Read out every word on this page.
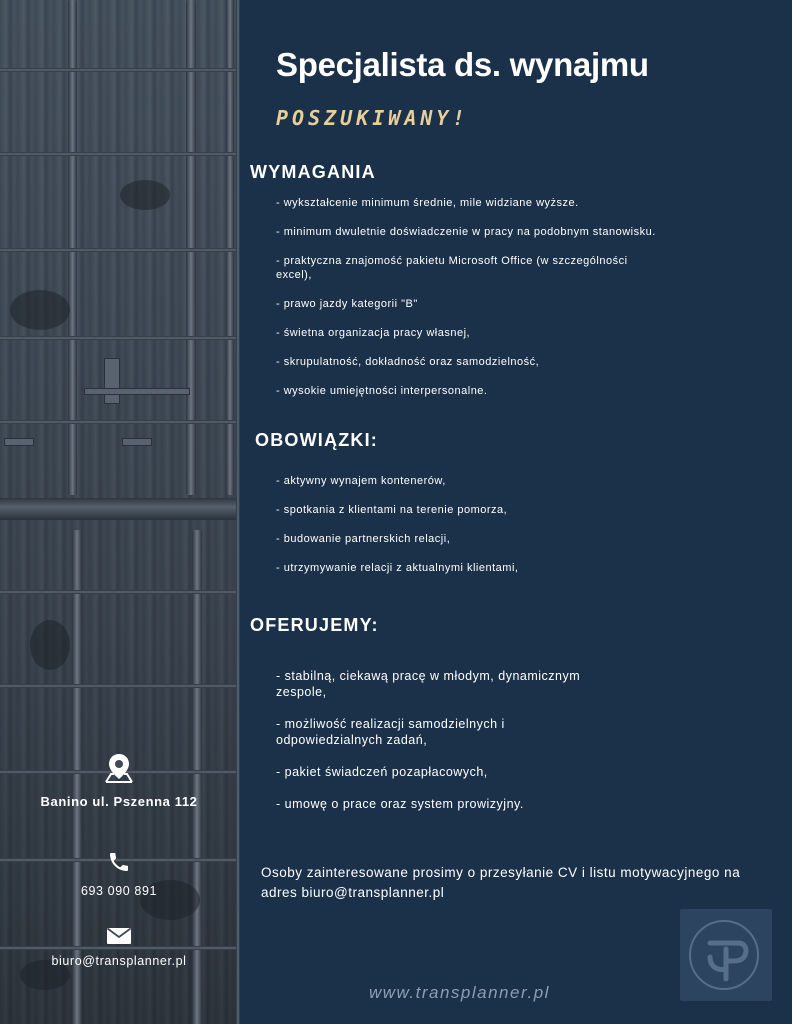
Banino ul. Pszenna 112
693 090 891
biuro@transplanner.pl
Specjalista ds. wynajmu
POSZUKIWANY!
WYMAGANIA
- wykształcenie minimum średnie, mile widziane wyższe.
- minimum dwuletnie doświadczenie w pracy na podobnym stanowisku.
- praktyczna znajomość pakietu Microsoft Office (w szczególności excel),
- prawo jazdy kategorii "B"
- świetna organizacja pracy własnej,
- skrupulatność, dokładność oraz samodzielność,
- wysokie umiejętności interpersonalne.
OBOWIĄZKI:
- aktywny wynajem kontenerów,
- spotkania z klientami na terenie pomorza,
- budowanie partnerskich relacji,
- utrzymywanie relacji z aktualnymi klientami,
OFERUJEMY:
- stabilną, ciekawą pracę w młodym, dynamicznym zespole,
- możliwość realizacji samodzielnych i odpowiedzialnych zadań,
- pakiet świadczeń pozapłacowych,
- umowę o prace oraz system prowizyjny.

Osoby zainteresowane prosimy o przesyłanie CV i listu motywacyjnego na adres biuro@transplanner.pl

www.transplanner.pl
